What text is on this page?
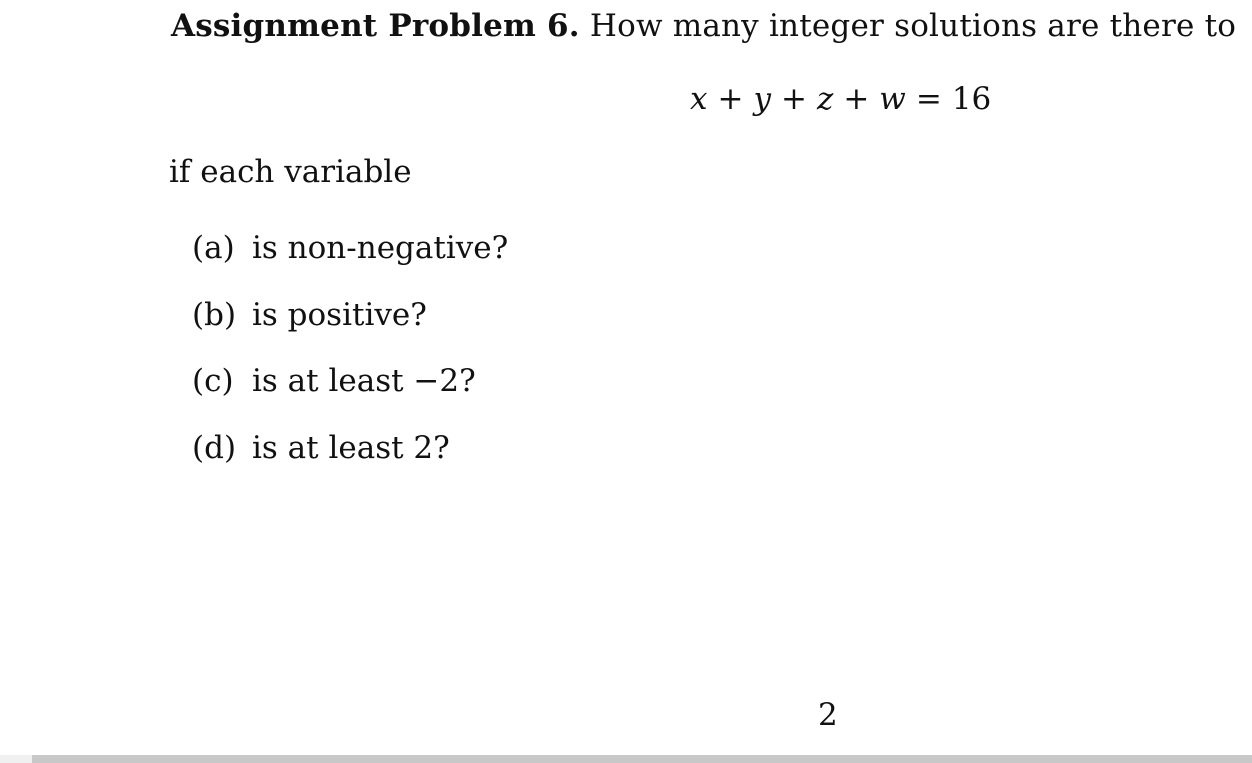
Assignment Problem 6. How many integer solutions are there to
x + y + z + w = 16
if each variable
(a) is non-negative?
(b) is positive?
(c) is at least −2?
(d) is at least 2?
2
